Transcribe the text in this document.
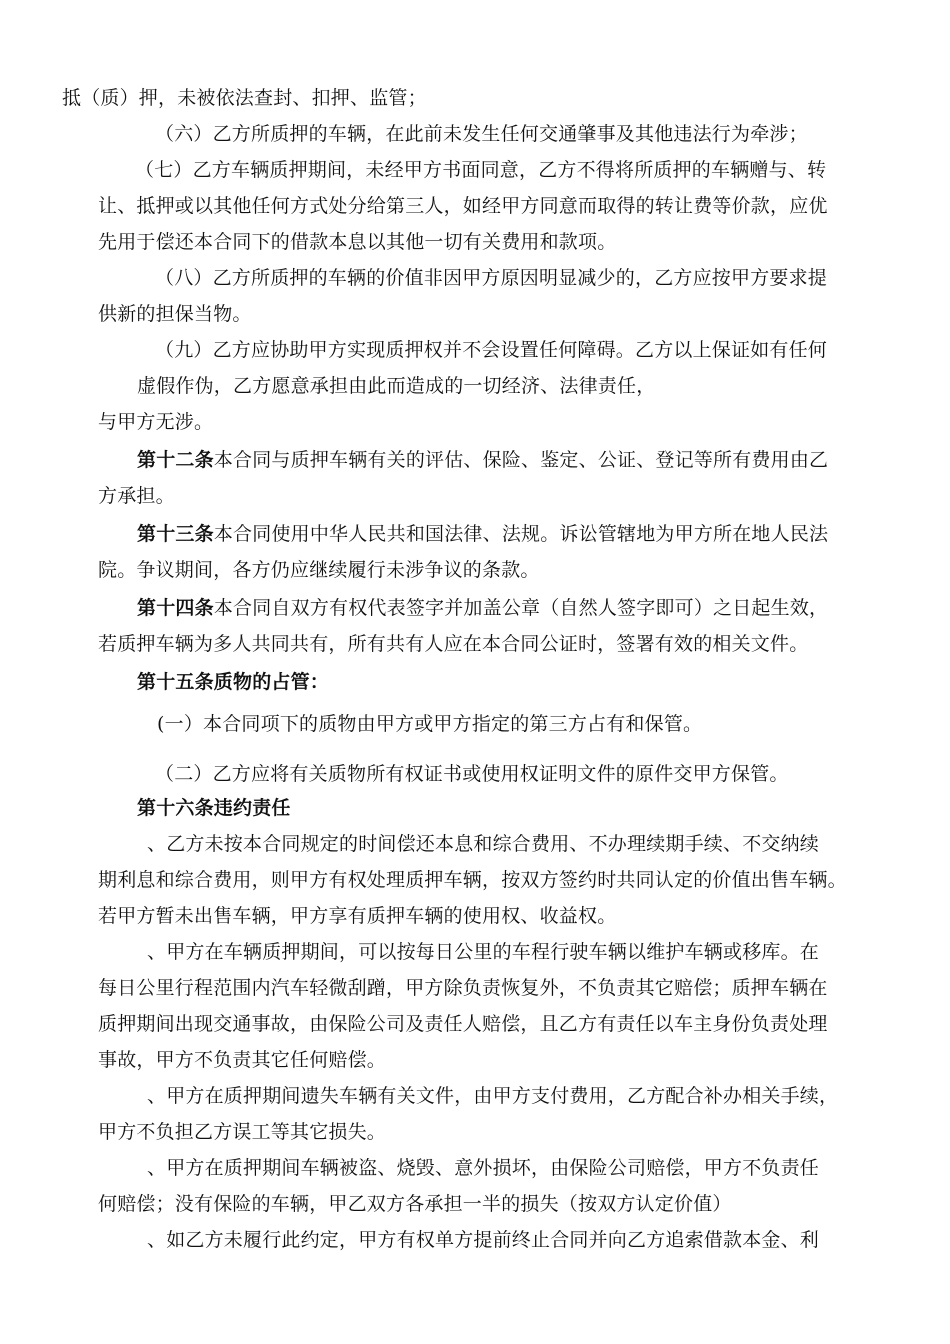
抵（质）押，未被依法查封、扣押、监管；
（六）乙方所质押的车辆，在此前未发生任何交通肇事及其他违法行为牵涉；
（七）乙方车辆质押期间，未经甲方书面同意，乙方不得将所质押的车辆赠与、转
让、抵押或以其他任何方式处分给第三人，如经甲方同意而取得的转让费等价款，应优
先用于偿还本合同下的借款本息以其他一切有关费用和款项。
（八）乙方所质押的车辆的价值非因甲方原因明显减少的，乙方应按甲方要求提
供新的担保当物。
（九）乙方应协助甲方实现质押权并不会设置任何障碍。乙方以上保证如有任何
虚假作伪，乙方愿意承担由此而造成的一切经济、法律责任，
与甲方无涉。
第十二条本合同与质押车辆有关的评估、保险、鉴定、公证、登记等所有费用由乙
方承担。
第十三条本合同使用中华人民共和国法律、法规。诉讼管辖地为甲方所在地人民法
院。争议期间，各方仍应继续履行未涉争议的条款。
第十四条本合同自双方有权代表签字并加盖公章（自然人签字即可）之日起生效，
若质押车辆为多人共同共有，所有共有人应在本合同公证时，签署有效的相关文件。
第十五条质物的占管：
(一）本合同项下的质物由甲方或甲方指定的第三方占有和保管。
（二）乙方应将有关质物所有权证书或使用权证明文件的原件交甲方保管。
第十六条违约责任
、乙方未按本合同规定的时间偿还本息和综合费用、不办理续期手续、不交纳续
期利息和综合费用，则甲方有权处理质押车辆，按双方签约时共同认定的价值出售车辆。
若甲方暂未出售车辆，甲方享有质押车辆的使用权、收益权。
、甲方在车辆质押期间，可以按每日公里的车程行驶车辆以维护车辆或移库。在
每日公里行程范围内汽车轻微刮蹭，甲方除负责恢复外，不负责其它赔偿；质押车辆在
质押期间出现交通事故，由保险公司及责任人赔偿，且乙方有责任以车主身份负责处理
事故，甲方不负责其它任何赔偿。
、甲方在质押期间遗失车辆有关文件，由甲方支付费用，乙方配合补办相关手续，
甲方不负担乙方误工等其它损失。
、甲方在质押期间车辆被盗、烧毁、意外损坏，由保险公司赔偿，甲方不负责任
何赔偿；没有保险的车辆，甲乙双方各承担一半的损失（按双方认定价值）
、如乙方未履行此约定，甲方有权单方提前终止合同并向乙方追索借款本金、利
